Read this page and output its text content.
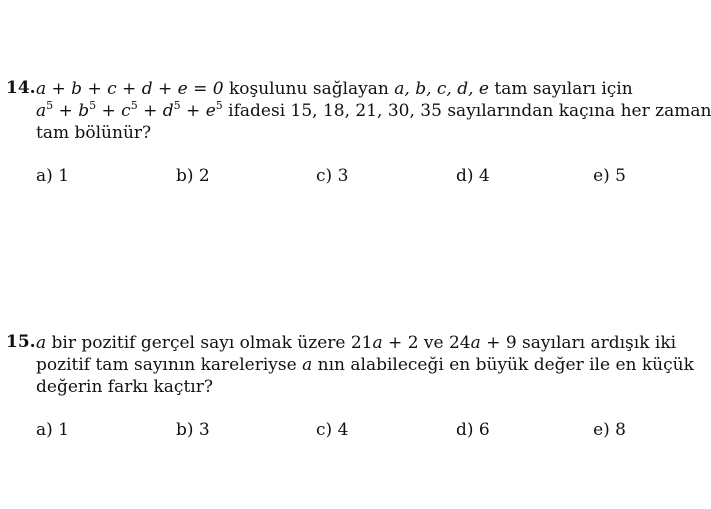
14. a + b + c + d + e = 0 koşulunu sağlayan a, b, c, d, e tam sayıları için
$a^5 + b^5 + c^5 + d^5 + e^5$ ifadesi 15, 18, 21, 30, 35 sayılarından kaçına her zaman
tam bölünür?
a) 1	b) 2	c) 3	d) 4	e) 5
15. a bir pozitif gerçel sayı olmak üzere 21a + 2 ve 24a + 9 sayıları ardışık iki
pozitif tam sayının kareleriyse a nın alabileceği en büyük değer ile en küçük
değerin farkı kaçtır?
a) 1	b) 3	c) 4	d) 6	e) 8
